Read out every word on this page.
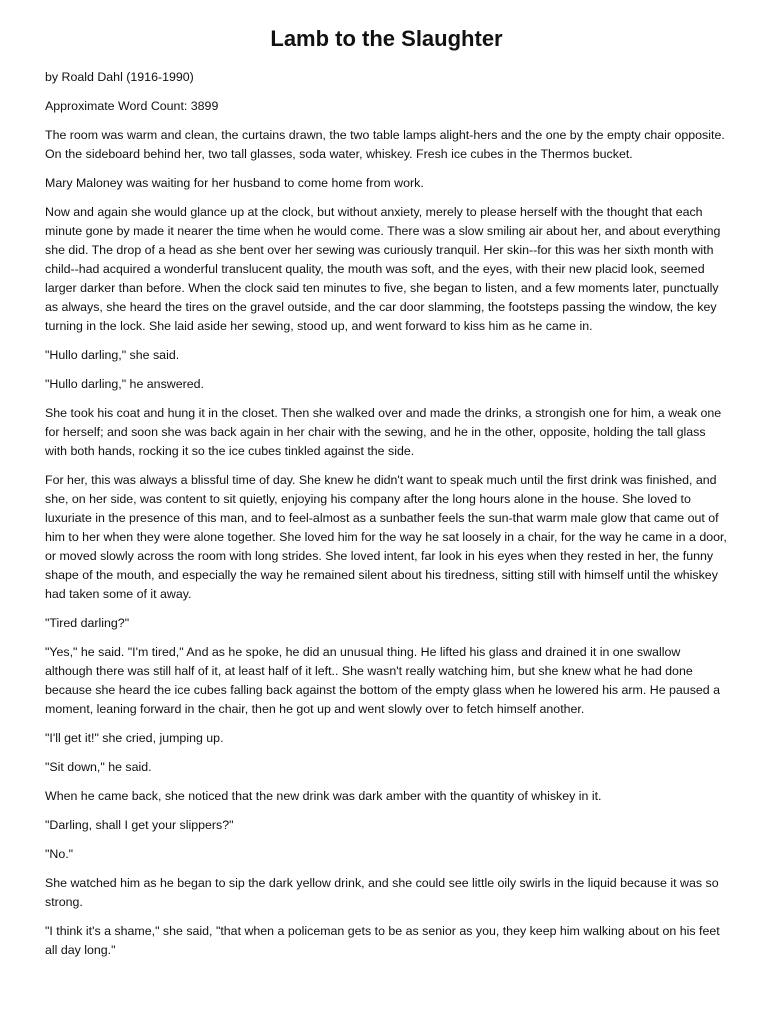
Lamb to the Slaughter

by Roald Dahl (1916-1990)

Approximate Word Count: 3899

The room was warm and clean, the curtains drawn, the two table lamps alight-hers and the one by the empty chair opposite. On the sideboard behind her, two tall glasses, soda water, whiskey. Fresh ice cubes in the Thermos bucket.

Mary Maloney was waiting for her husband to come home from work.

Now and again she would glance up at the clock, but without anxiety, merely to please herself with the thought that each minute gone by made it nearer the time when he would come. There was a slow smiling air about her, and about everything she did. The drop of a head as she bent over her sewing was curiously tranquil. Her skin--for this was her sixth month with child--had acquired a wonderful translucent quality, the mouth was soft, and the eyes, with their new placid look, seemed larger darker than before. When the clock said ten minutes to five, she began to listen, and a few moments later, punctually as always, she heard the tires on the gravel outside, and the car door slamming, the footsteps passing the window, the key turning in the lock. She laid aside her sewing, stood up, and went forward to kiss him as he came in.

"Hullo darling," she said.

"Hullo darling," he answered.

She took his coat and hung it in the closet. Then she walked over and made the drinks, a strongish one for him, a weak one for herself; and soon she was back again in her chair with the sewing, and he in the other, opposite, holding the tall glass with both hands, rocking it so the ice cubes tinkled against the side.

For her, this was always a blissful time of day. She knew he didn't want to speak much until the first drink was finished, and she, on her side, was content to sit quietly, enjoying his company after the long hours alone in the house. She loved to luxuriate in the presence of this man, and to feel-almost as a sunbather feels the sun-that warm male glow that came out of him to her when they were alone together. She loved him for the way he sat loosely in a chair, for the way he came in a door, or moved slowly across the room with long strides. She loved intent, far look in his eyes when they rested in her, the funny shape of the mouth, and especially the way he remained silent about his tiredness, sitting still with himself until the whiskey had taken some of it away.

"Tired darling?"

"Yes," he said. "I'm tired," And as he spoke, he did an unusual thing. He lifted his glass and drained it in one swallow although there was still half of it, at least half of it left.. She wasn't really watching him, but she knew what he had done because she heard the ice cubes falling back against the bottom of the empty glass when he lowered his arm. He paused a moment, leaning forward in the chair, then he got up and went slowly over to fetch himself another.

"I'll get it!" she cried, jumping up.

"Sit down," he said.

When he came back, she noticed that the new drink was dark amber with the quantity of whiskey in it.

"Darling, shall I get your slippers?"

"No."

She watched him as he began to sip the dark yellow drink, and she could see little oily swirls in the liquid because it was so strong.

"I think it's a shame," she said, "that when a policeman gets to be as senior as you, they keep him walking about on his feet all day long."
